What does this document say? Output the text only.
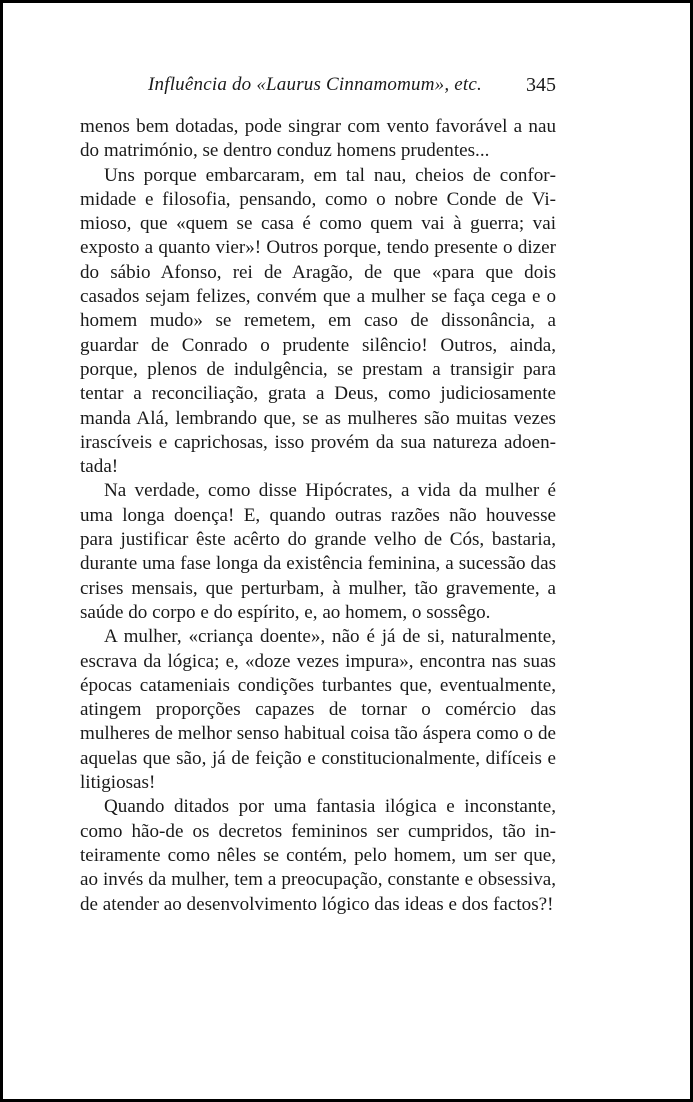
Influência do «Laurus Cinnamomum», etc. 345

menos bem dotadas, pode singrar com vento favorável a nau do matrimónio, se dentro conduz homens prudentes...

Uns porque embarcaram, em tal nau, cheios de conformidade e filosofia, pensando, como o nobre Conde de Vimioso, que «quem se casa é como quem vai à guerra; vai exposto a quanto vier»! Outros porque, tendo presente o dizer do sábio Afonso, rei de Aragão, de que «para que dois casados sejam felizes, convém que a mulher se faça cega e o homem mudo» se remetem, em caso de dissonância, a guardar de Conrado o prudente silêncio! Outros, ainda, porque, plenos de indulgência, se prestam a transigir para tentar a reconciliação, grata a Deus, como judiciosamente manda Alá, lembrando que, se as mulheres são muitas vezes irascíveis e caprichosas, isso provém da sua natureza adoentada!

Na verdade, como disse Hipócrates, a vida da mulher é uma longa doença! E, quando outras razões não houvesse para justificar êste acêrto do grande velho de Cós, bastaria, durante uma fase longa da existência feminina, a sucessão das crises mensais, que perturbam, à mulher, tão gravemente, a saúde do corpo e do espírito, e, ao homem, o sossêgo.

A mulher, «criança doente», não é já de si, naturalmente, escrava da lógica; e, «doze vezes impura», encontra nas suas épocas catameniais condições turbantes que, eventualmente, atingem proporções capazes de tornar o comércio das mulheres de melhor senso habitual coisa tão áspera como o de aquelas que são, já de feição e constitucionalmente, difíceis e litigiosas!

Quando ditados por uma fantasia ilógica e inconstante, como hão-de os decretos femininos ser cumpridos, tão inteiramente como nêles se contém, pelo homem, um ser que, ao invés da mulher, tem a preocupação, constante e obsessiva, de atender ao desenvolvimento lógico das ideas e dos factos?!
